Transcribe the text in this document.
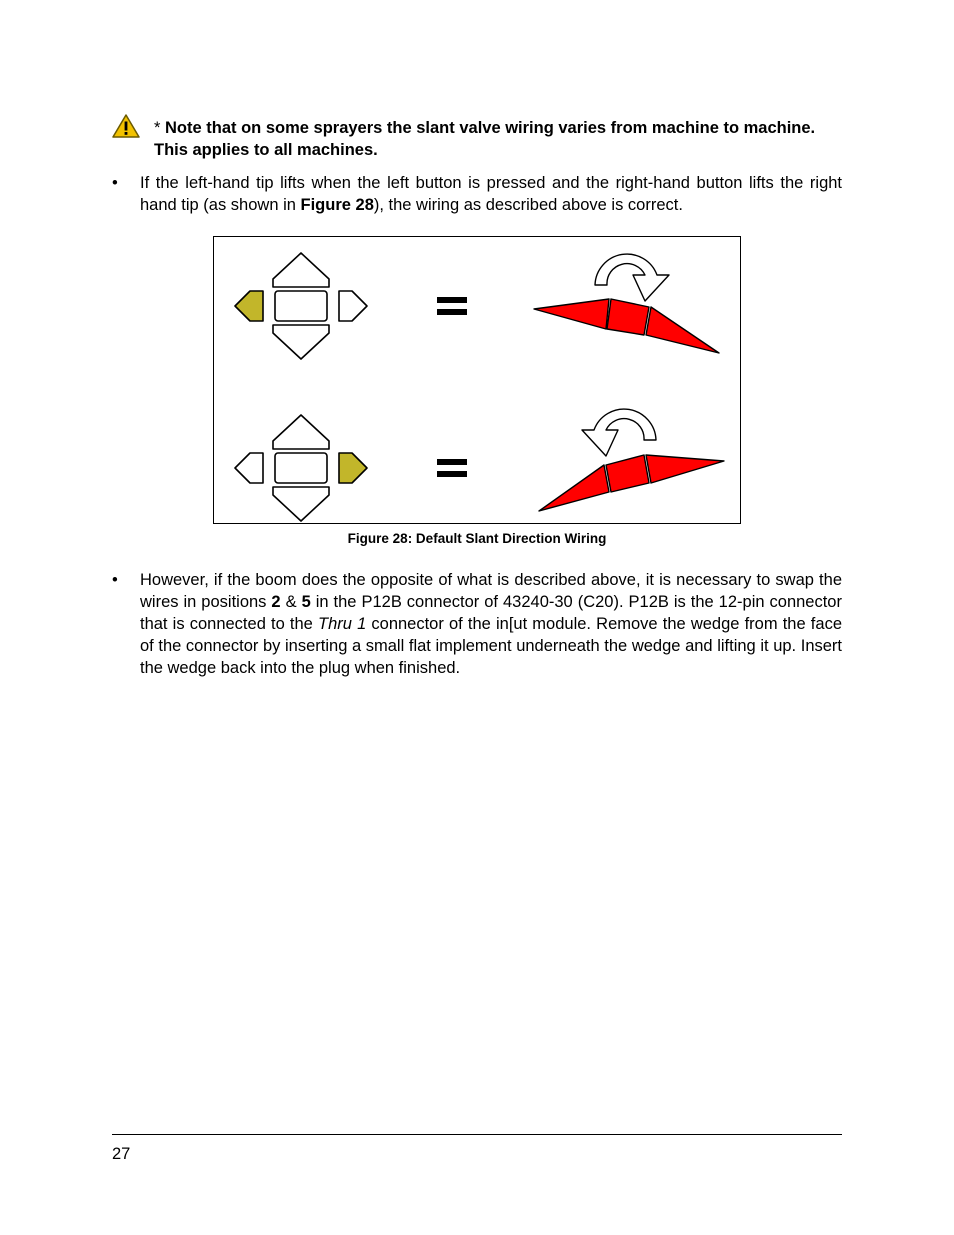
* Note that on some sprayers the slant valve wiring varies from machine to machine. This applies to all machines.
•	If the left-hand tip lifts when the left button is pressed and the right-hand button lifts the right hand tip (as shown in Figure 28), the wiring as described above is correct.
Figure 28: Default Slant Direction Wiring
•	However, if the boom does the opposite of what is described above, it is necessary to swap the wires in positions 2 & 5 in the P12B connector of 43240-30 (C20). P12B is the 12-pin connector that is connected to the Thru 1 connector of the in[ut module. Remove the wedge from the face of the connector by inserting a small flat implement underneath the wedge and lifting it up. Insert the wedge back into the plug when finished.
27
